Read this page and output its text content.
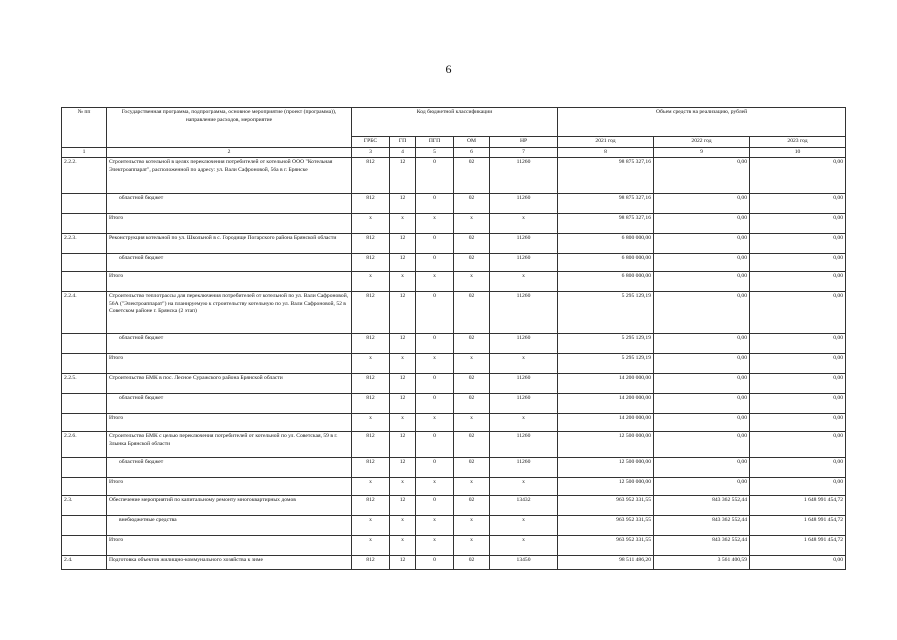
6
№ пп	Государственная программа, подпрограмма, основное мероприятие (проект (программа)), направление расходов, мероприятие	Код бюджетной классификации					Объем средств на реализацию, рублей		
		ГРБС	ГП	ПГП	ОМ	НР	2021 год	2022 год	2023 год
1	2	3	4	5	6	7	8	9	10
2.2.2.	Строительство котельной в целях переключения потребителей от котельной ООО "Котельная Электроаппарат", расположенной по адресу: ул. Вали Сафроновой, 56а в г. Брянске	812	12	0	02	11260	98 875 327,16	0,00	0,00
	областной бюджет	812	12	0	02	11260	98 875 327,16	0,00	0,00
	Итого	х	х	х	х	х	98 875 327,16	0,00	0,00
2.2.3.	Реконструкция котельной по ул. Школьной в с. Городище Погарского района Брянской области	812	12	0	02	11260	6 800 000,00	0,00	0,00
	областной бюджет	812	12	0	02	11260	6 800 000,00	0,00	0,00
	Итого	х	х	х	х	х	6 800 000,00	0,00	0,00
2.2.4.	Строительство теплотрассы для переключения потребителей от котельной по ул. Вали Сафроновой, 56А ("Электроаппарат") на планируемую к строительству котельную по ул. Вали Сафроновой, 52 в Советском районе г. Брянска (2 этап)	812	12	0	02	11260	5 295 129,19	0,00	0,00
	областной бюджет	812	12	0	02	11260	5 295 129,19	0,00	0,00
	Итого	х	х	х	х	х	5 295 129,19	0,00	0,00
2.2.5.	Строительство БМК в пос. Лесное Суражского района Брянской области	812	12	0	02	11260	14 200 000,00	0,00	0,00
	областной бюджет	812	12	0	02	11260	14 200 000,00	0,00	0,00
	Итого	х	х	х	х	х	14 200 000,00	0,00	0,00
2.2.6.	Строительство БМК с целью переключения потребителей от котельной по ул. Советская, 59 в г. Злынка Брянской области	812	12	0	02	11260	12 500 000,00	0,00	0,00
	областной бюджет	812	12	0	02	11260	12 500 000,00	0,00	0,00
	Итого	х	х	х	х	х	12 500 000,00	0,00	0,00
2.3.	Обеспечение мероприятий по капитальному ремонту многоквартирных домов	812	12	0	02	13432	963 952 331,55	843 362 552,44	1 648 991 454,72
	внебюджетные средства	х	х	х	х	х	963 952 331,55	843 362 552,44	1 648 991 454,72
	Итого	х	х	х	х	х	963 952 331,55	843 362 552,44	1 648 991 454,72
2.4.	Подготовка объектов жилищно-коммунального хозяйства к зиме	812	12	0	02	13450	98 511 486,20	3 561 400,59	0,00
